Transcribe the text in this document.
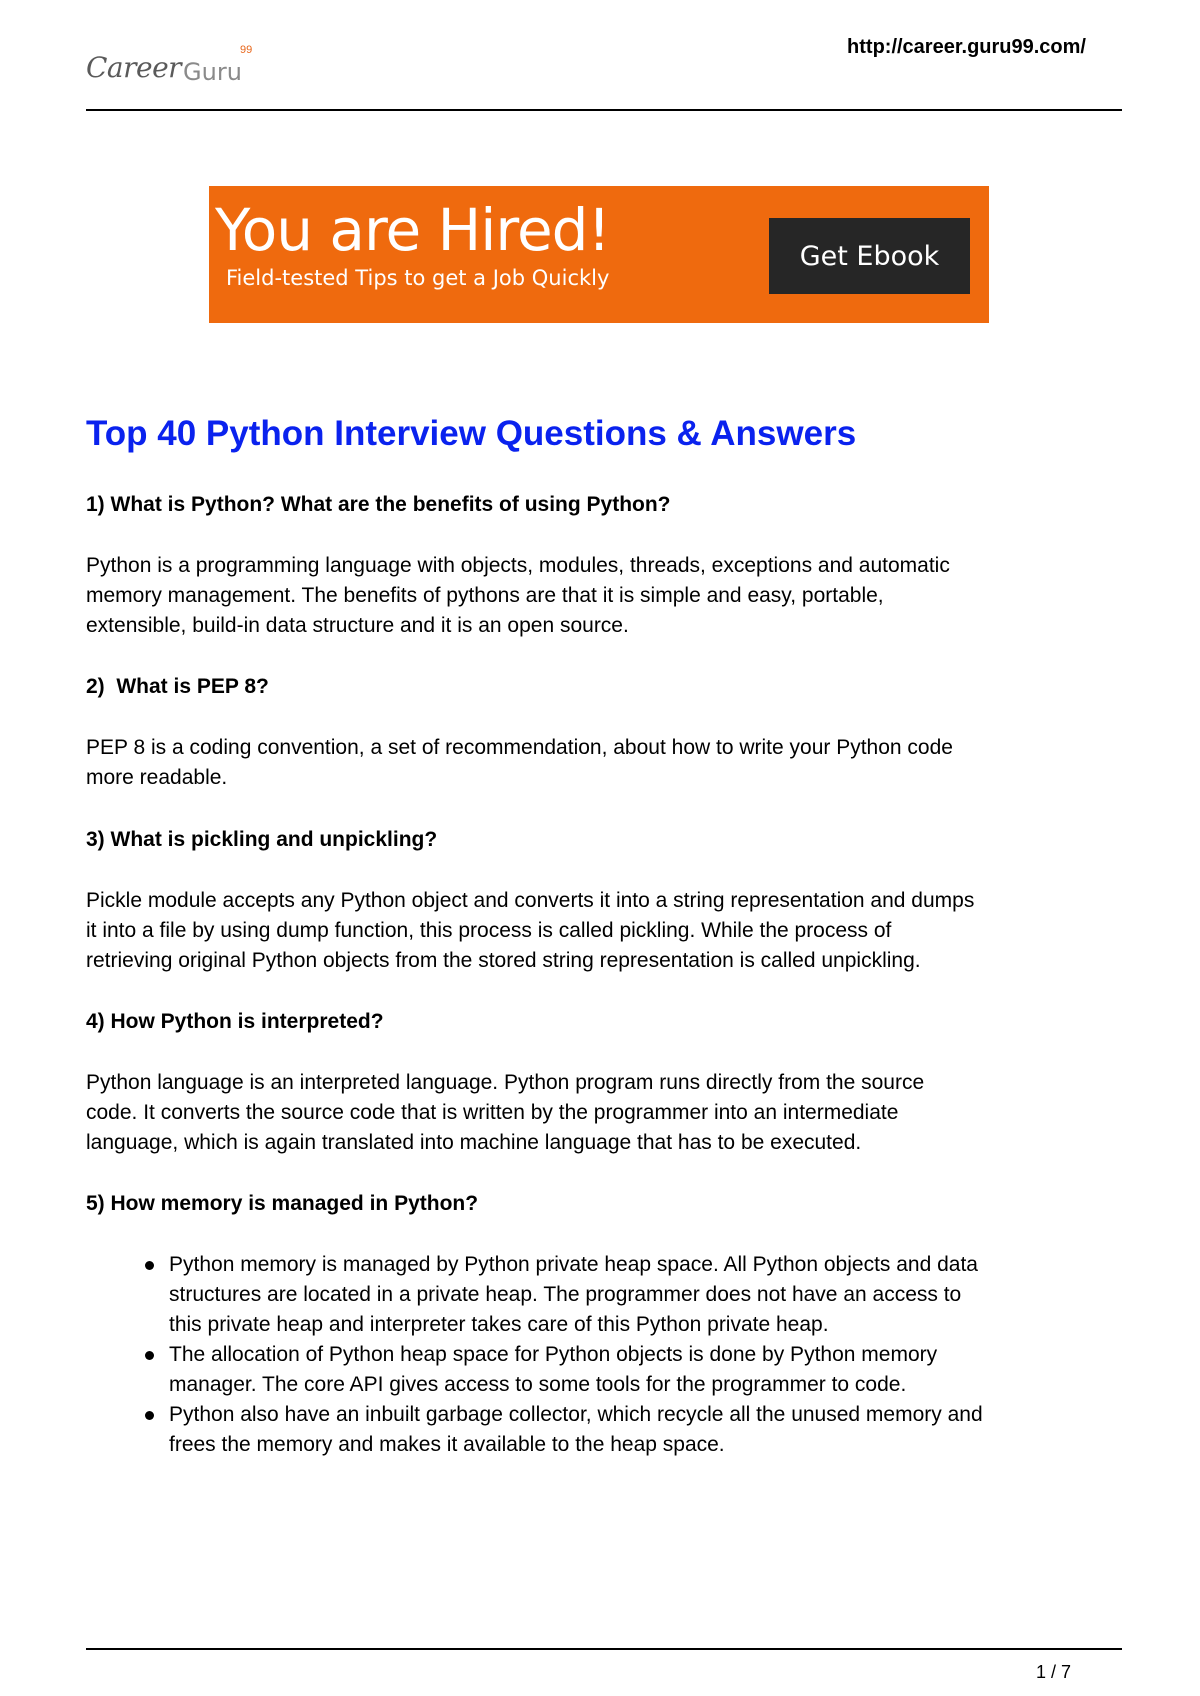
Career Guru
99	http://career.guru99.com/
You are Hired!
Field-tested Tips to get a Job Quickly
Get Ebook
Top 40 Python Interview Questions & Answers

1) What is Python? What are the benefits of using Python?

Python is a programming language with objects, modules, threads, exceptions and automatic
memory management. The benefits of pythons are that it is simple and easy, portable,
extensible, build-in data structure and it is an open source.

2)  What is PEP 8?

PEP 8 is a coding convention, a set of recommendation, about how to write your Python code
more readable.

3) What is pickling and unpickling?

Pickle module accepts any Python object and converts it into a string representation and dumps
it into a file by using dump function, this process is called pickling. While the process of
retrieving original Python objects from the stored string representation is called unpickling.

4) How Python is interpreted?

Python language is an interpreted language. Python program runs directly from the source
code. It converts the source code that is written by the programmer into an intermediate
language, which is again translated into machine language that has to be executed.

5) How memory is managed in Python?

Python memory is managed by Python private heap space. All Python objects and data
structures are located in a private heap. The programmer does not have an access to
this private heap and interpreter takes care of this Python private heap.
The allocation of Python heap space for Python objects is done by Python memory
manager. The core API gives access to some tools for the programmer to code.
Python also have an inbuilt garbage collector, which recycle all the unused memory and
frees the memory and makes it available to the heap space.
1 / 7
